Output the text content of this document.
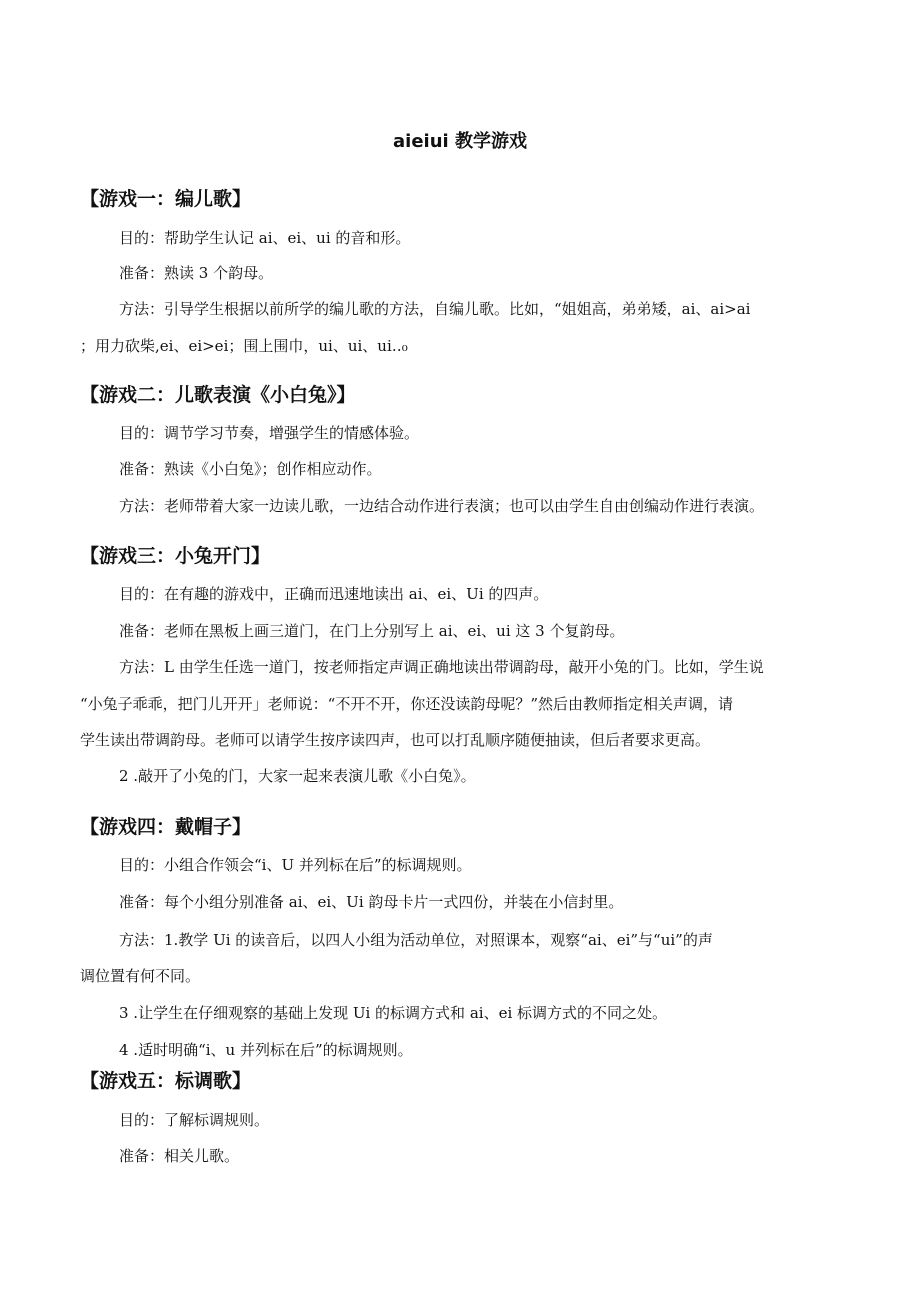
aieiui 教学游戏
【游戏一：编儿歌】

目的：帮助学生认记 ai、ei、ui 的音和形。

准备：熟读 3 个韵母。

方法：引导学生根据以前所学的编儿歌的方法，自编儿歌。比如，“姐姐高，弟弟矮，ai、ai>ai

；用力砍柴,ei、ei>ei；围上围巾，ui、ui、ui‥₀

【游戏二：儿歌表演《小白兔》】

目的：调节学习节奏，增强学生的情感体验。

准备：熟读《小白兔》；创作相应动作。

方法：老师带着大家一边读儿歌，一边结合动作进行表演；也可以由学生自由创编动作进行表演。

【游戏三：小兔开门】

目的：在有趣的游戏中，正确而迅速地读出 ai、ei、Ui 的四声。

准备：老师在黑板上画三道门，在门上分别写上 ai、ei、ui 这 3 个复韵母。

方法：L 由学生任选一道门，按老师指定声调正确地读出带调韵母，敲开小兔的门。比如，学生说

“小兔子乖乖，把门儿开开」老师说：“不开不开，你还没读韵母呢？”然后由教师指定相关声调，请

学生读出带调韵母。老师可以请学生按序读四声，也可以打乱顺序随便抽读，但后者要求更高。

2 .敲开了小兔的门，大家一起来表演儿歌《小白兔》。

【游戏四：戴帽子】

目的：小组合作领会“i、U 并列标在后”的标调规则。

准备：每个小组分别准备 ai、ei、Ui 韵母卡片一式四份，并装在小信封里。

方法：1.教学 Ui 的读音后，以四人小组为活动单位，对照课本，观察“ai、ei”与“ui”的声

调位置有何不同。

3 .让学生在仔细观察的基础上发现 Ui 的标调方式和 ai、ei 标调方式的不同之处。

4 .适时明确“i、u 并列标在后”的标调规则。

【游戏五：标调歌】

目的：了解标调规则。

准备：相关儿歌。
